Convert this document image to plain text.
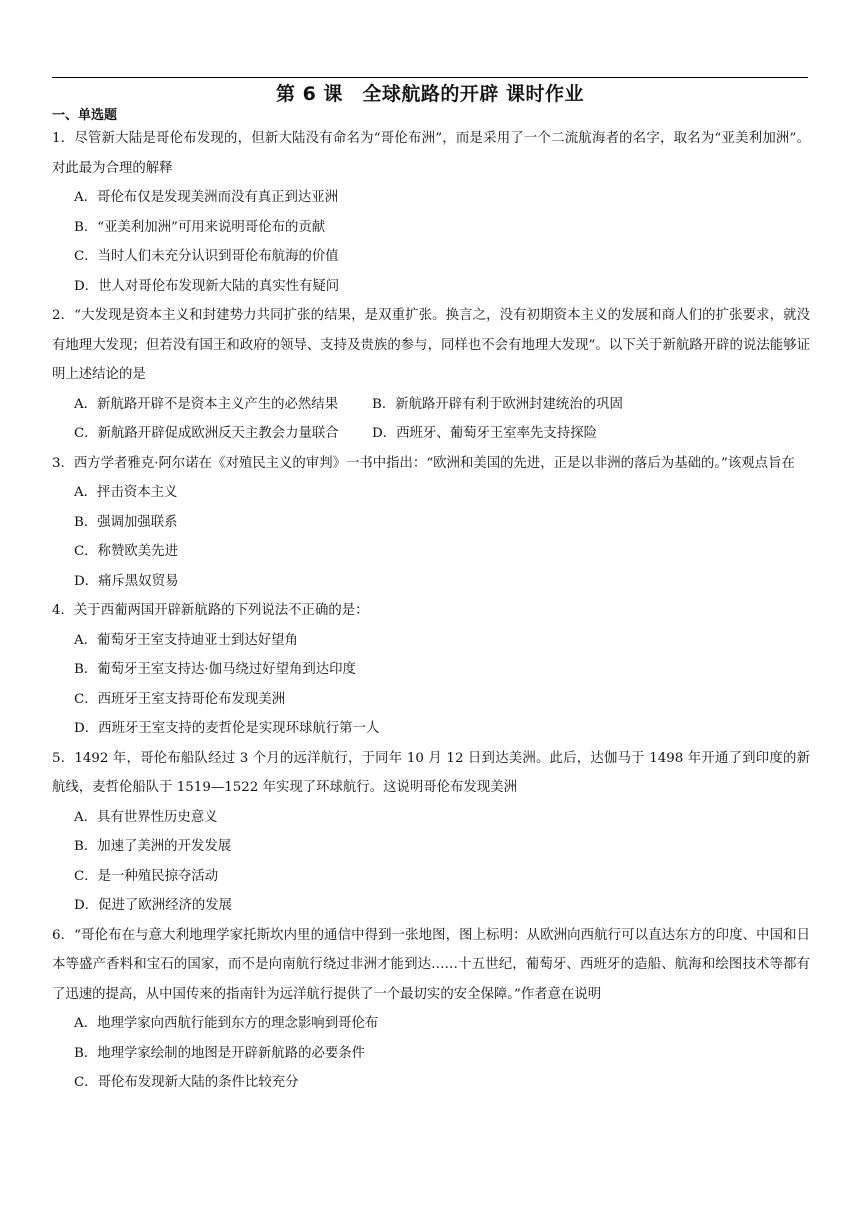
第 6 课　全球航路的开辟 课时作业
一、单选题

1．尽管新大陆是哥伦布发现的，但新大陆没有命名为“哥伦布洲”，而是采用了一个二流航海者的名字，取名为“亚美利加洲”。对此最为合理的解释

A．哥伦布仅是发现美洲而没有真正到达亚洲

B．“亚美利加洲”可用来说明哥伦布的贡献

C．当时人们未充分认识到哥伦布航海的价值

D．世人对哥伦布发现新大陆的真实性有疑问

2．“大发现是资本主义和封建势力共同扩张的结果，是双重扩张。换言之，没有初期资本主义的发展和商人们的扩张要求，就没有地理大发现；但若没有国王和政府的领导、支持及贵族的参与，同样也不会有地理大发现”。以下关于新航路开辟的说法能够证明上述结论的是

A．新航路开辟不是资本主义产生的必然结果	B．新航路开辟有利于欧洲封建统治的巩固

C．新航路开辟促成欧洲反天主教会力量联合 D．西班牙、葡萄牙王室率先支持探险

3．西方学者雅克·阿尔诺在《对殖民主义的审判》一书中指出：“欧洲和美国的先进，正是以非洲的落后为基础的。”该观点旨在

A．抨击资本主义

B．强调加强联系

C．称赞欧美先进

D．痛斥黑奴贸易

4．关于西葡两国开辟新航路的下列说法不正确的是：

A．葡萄牙王室支持迪亚士到达好望角

B．葡萄牙王室支持达·伽马绕过好望角到达印度

C．西班牙王室支持哥伦布发现美洲

D．西班牙王室支持的麦哲伦是实现环球航行第一人

5．1492 年，哥伦布船队经过 3 个月的远洋航行，于同年 10 月 12 日到达美洲。此后，达伽马于 1498 年开通了到印度的新航线，麦哲伦船队于 1519—1522 年实现了环球航行。这说明哥伦布发现美洲

A．具有世界性历史意义

B．加速了美洲的开发发展

C．是一种殖民掠夺活动

D．促进了欧洲经济的发展

6．“哥伦布在与意大利地理学家托斯坎内里的通信中得到一张地图，图上标明：从欧洲向西航行可以直达东方的印度、中国和日本等盛产香料和宝石的国家，而不是向南航行绕过非洲才能到达……十五世纪，葡萄牙、西班牙的造船、航海和绘图技术等都有了迅速的提高，从中国传来的指南针为远洋航行提供了一个最切实的安全保障。”作者意在说明

A．地理学家向西航行能到东方的理念影响到哥伦布

B．地理学家绘制的地图是开辟新航路的必要条件

C．哥伦布发现新大陆的条件比较充分
